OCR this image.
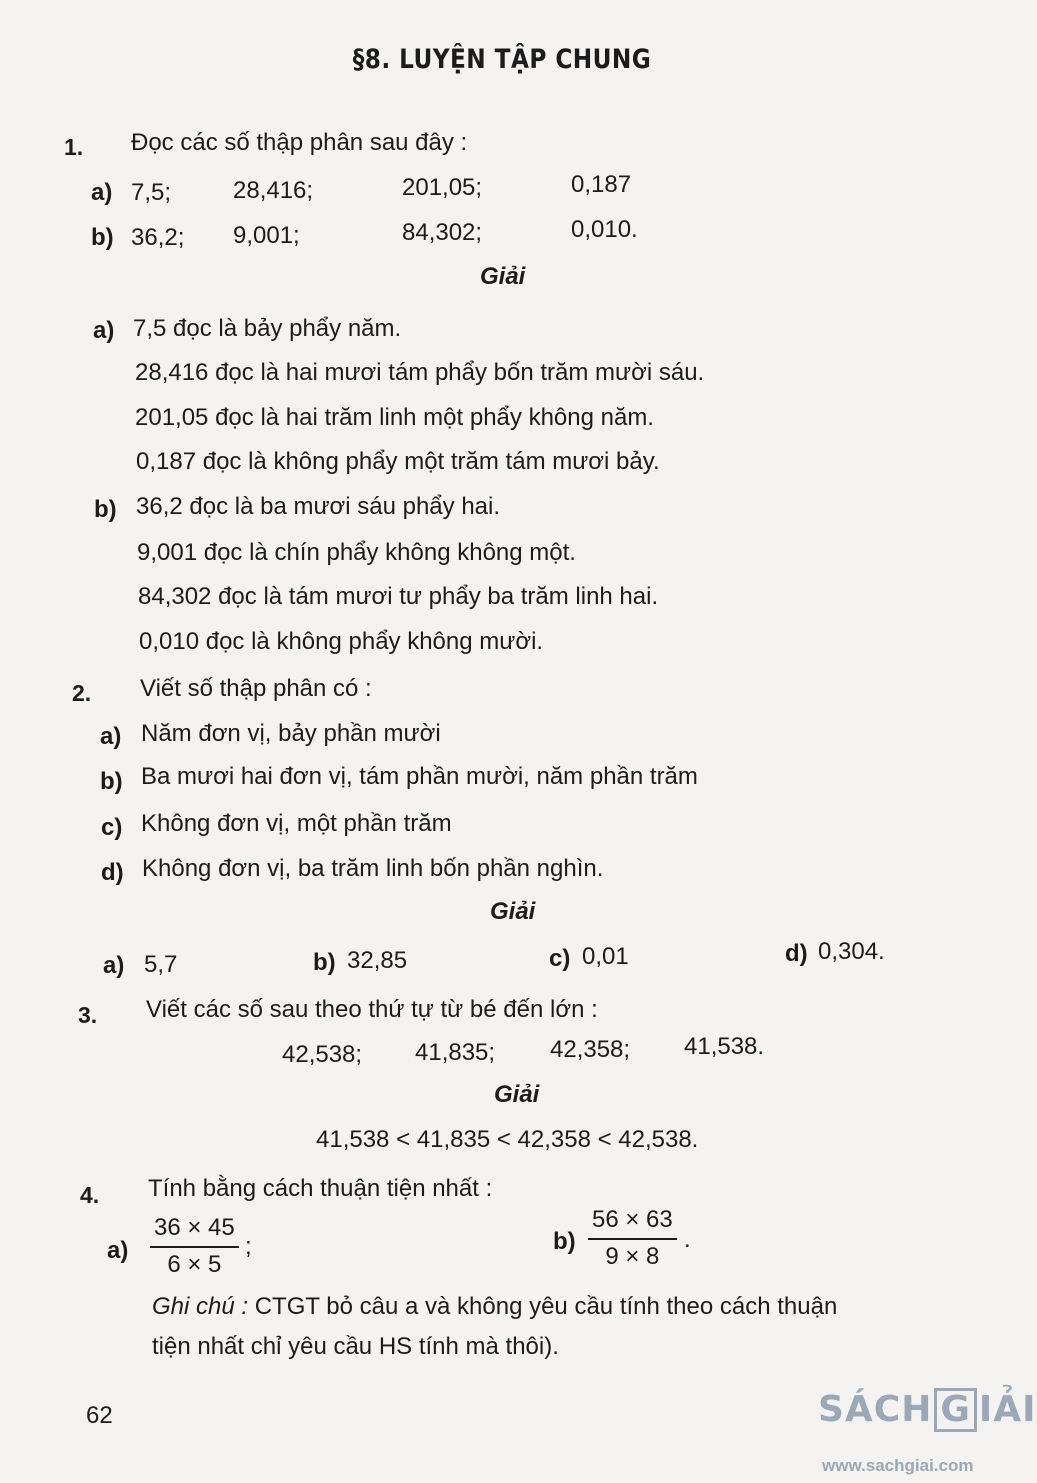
§8. LUYỆN TẬP CHUNG
1. Đọc các số thập phân sau đây :
a) 7,5;	28,416;	201,05;	0,187
b) 36,2; 9,001;	84,302;	0,010.
Giải
a) 7,5 đọc là bảy phẩy năm.
28,416 đọc là hai mươi tám phẩy bốn trăm mười sáu.
201,05 đọc là hai trăm linh một phẩy không năm.
0,187 đọc là không phẩy một trăm tám mươi bảy.
b) 36,2 đọc là ba mươi sáu phẩy hai.
9,001 đọc là chín phẩy không không một.
84,302 đọc là tám mươi tư phẩy ba trăm linh hai.
0,010 đọc là không phẩy không mười.
2. Viết số thập phân có :
a) Năm đơn vị, bảy phần mười
b) Ba mươi hai đơn vị, tám phần mười, năm phần trăm
c) Không đơn vị, một phần trăm
d) Không đơn vị, ba trăm linh bốn phần nghìn.
Giải
a) 5,7	b) 32,85	c) 0,01	d) 0,304.
3. Viết các số sau theo thứ tự từ bé đến lớn :
42,538; 41,835; 42,358; 41,538.
Giải
41,538 < 41,835 < 42,358 < 42,538.
4. Tính bằng cách thuận tiện nhất :
$a) \frac{36 \times 45}{6 \times 5}$ ;	$b) \frac{56 \times 63}{9 \times 8}$ .
Ghi chú : CTGT bỏ câu a và không yêu cầu tính theo cách thuận
tiện nhất chỉ yêu cầu HS tính mà thôi).
62	SÁCH G IẢI
www.sachgiai.com
